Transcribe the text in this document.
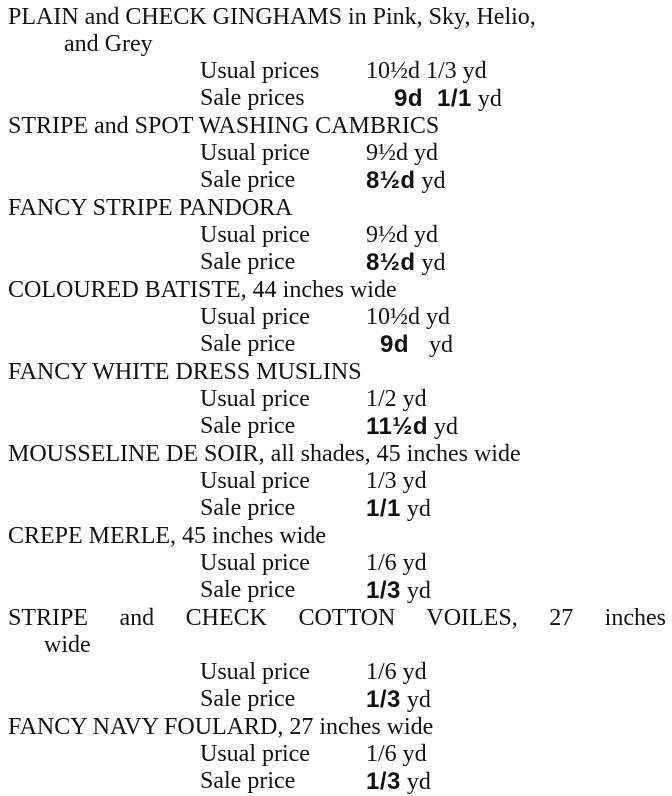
PLAIN and CHECK GINGHAMS in Pink, Sky, Helio,
and Grey
Usual prices	10½d 1/3 yd
Sale prices	9d 1/1 yd
STRIPE and SPOT WASHING CAMBRICS
Usual price	9½d yd
Sale price	8½d yd
FANCY STRIPE PANDORA
Usual price	9½d yd
Sale price	8½d yd
COLOURED BATISTE, 44 inches wide
Usual price	10½d yd
Sale price	9d yd
FANCY WHITE DRESS MUSLINS
Usual price	1/2 yd
Sale price	11½d yd
MOUSSELINE DE SOIR, all shades, 45 inches wide
Usual price	1/3 yd
Sale price	1/1 yd
CREPE MERLE, 45 inches wide
Usual price	1/6 yd
Sale price	1/3 yd
STRIPE and CHECK COTTON VOILES, 27 inches
wide
Usual price	1/6 yd
Sale price	1/3 yd
FANCY NAVY FOULARD, 27 inches wide
Usual price	1/6 yd
Sale price	1/3 yd
